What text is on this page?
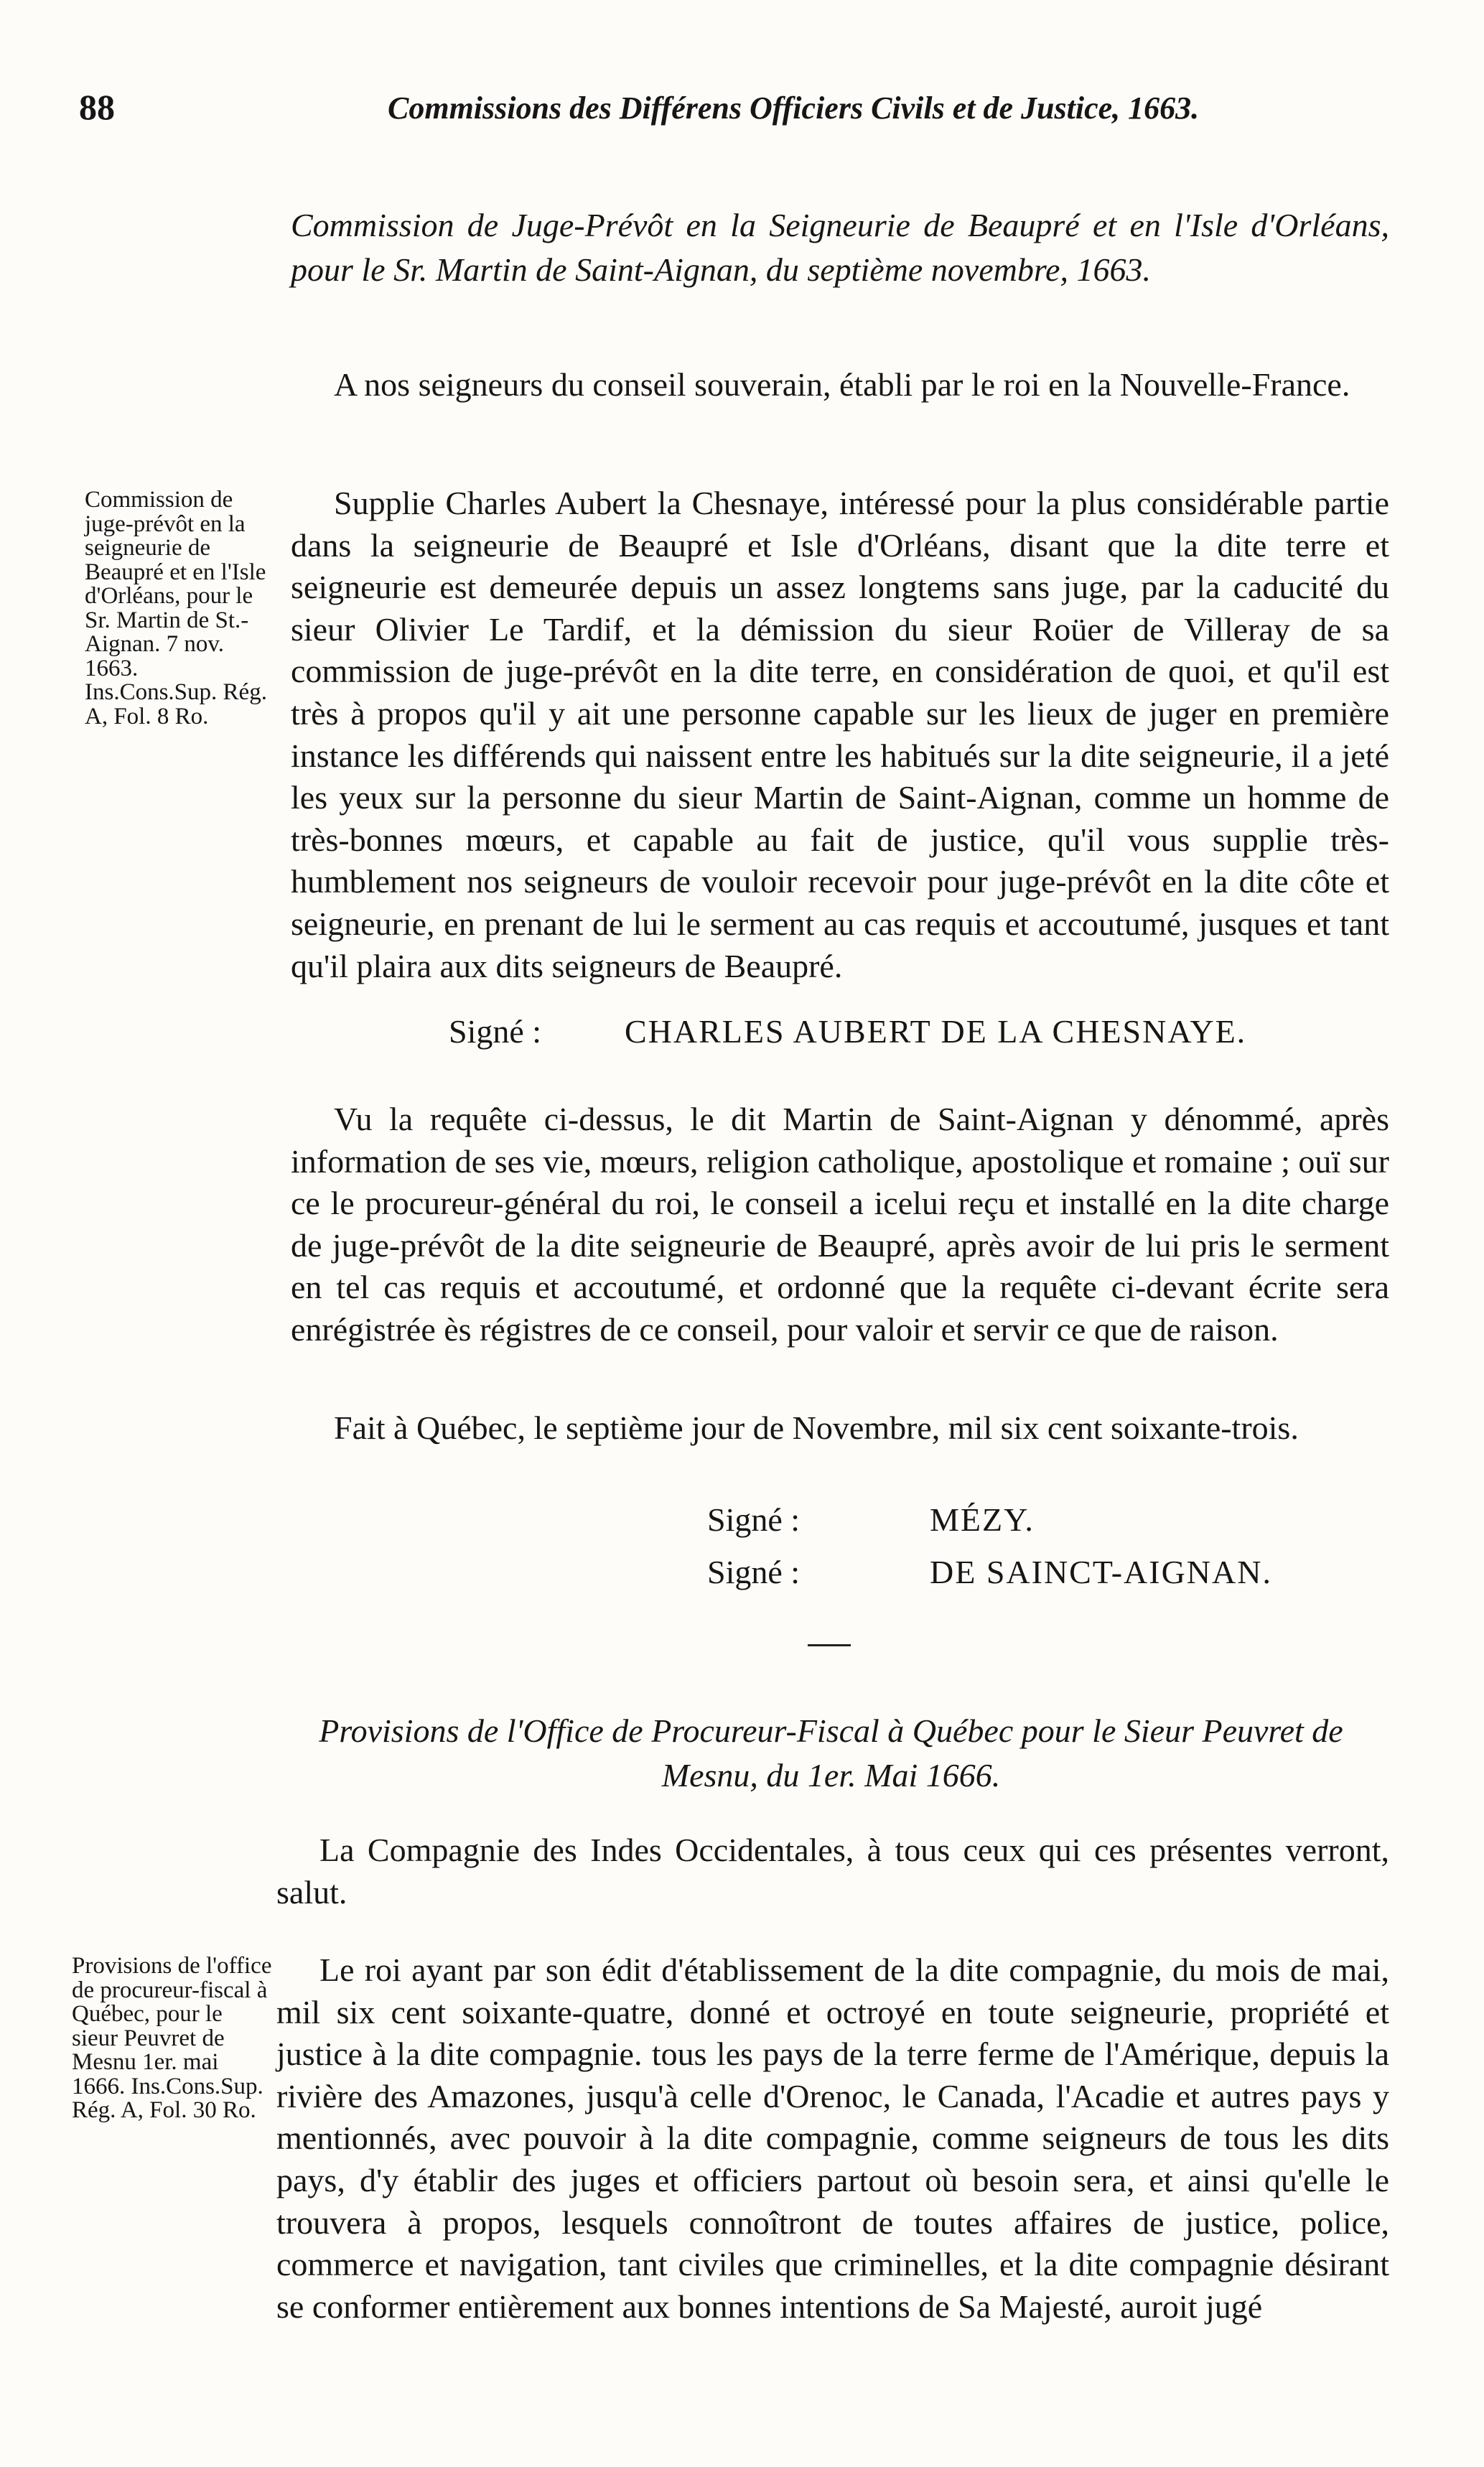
88	Commissions des Différens Officiers Civils et de Justice, 1663.
Commission de Juge-Prévôt en la Seigneurie de Beaupré et en l'Isle d'Orléans, pour le Sr. Martin de Saint-Aignan, du septième novembre, 1663.

A nos seigneurs du conseil souverain, établi par le roi en la Nouvelle-France.

Commission de juge-prévôt en la seigneurie de Beaupré et en l'Isle d'Orléans, pour le Sr. Martin de St.-Aignan. 7 nov. 1663. Ins.Cons.Sup. Rég. A, Fol. 8 Ro.

Supplie Charles Aubert la Chesnaye, intéressé pour la plus considérable partie dans la seigneurie de Beaupré et Isle d'Orléans, disant que la dite terre et seigneurie est demeurée depuis un assez longtems sans juge, par la caducité du sieur Olivier Le Tardif, et la démission du sieur Roüer de Villeray de sa commission de juge-prévôt en la dite terre, en considération de quoi, et qu'il est très à propos qu'il y ait une personne capable sur les lieux de juger en première instance les différends qui naissent entre les habitués sur la dite seigneurie, il a jeté les yeux sur la personne du sieur Martin de Saint-Aignan, comme un homme de très-bonnes mœurs, et capable au fait de justice, qu'il vous supplie très-humblement nos seigneurs de vouloir recevoir pour juge-prévôt en la dite côte et seigneurie, en prenant de lui le serment au cas requis et accoutumé, jusques et tant qu'il plaira aux dits seigneurs de Beaupré.

Signé :	CHARLES AUBERT DE LA CHESNAYE.

Vu la requête ci-dessus, le dit Martin de Saint-Aignan y dénommé, après information de ses vie, mœurs, religion catholique, apostolique et romaine ; ouï sur ce le procureur-général du roi, le conseil a icelui reçu et installé en la dite charge de juge-prévôt de la dite seigneurie de Beaupré, après avoir de lui pris le serment en tel cas requis et accoutumé, et ordonné que la requête ci-devant écrite sera enrégistrée ès régistres de ce conseil, pour valoir et servir ce que de raison.

Fait à Québec, le septième jour de Novembre, mil six cent soixante-trois.

Signé :	MÉZY.
Signé :	DE SAINCT-AIGNAN.
Provisions de l'Office de Procureur-Fiscal à Québec pour le Sieur Peuvret de Mesnu, du 1er. Mai 1666.

La Compagnie des Indes Occidentales, à tous ceux qui ces présentes verront, salut.

Provisions de l'office de procureur-fiscal à Québec, pour le sieur Peuvret de Mesnu 1er. mai 1666. Ins.Cons.Sup. Rég. A, Fol. 30 Ro.

Le roi ayant par son édit d'établissement de la dite compagnie, du mois de mai, mil six cent soixante-quatre, donné et octroyé en toute seigneurie, propriété et justice à la dite compagnie. tous les pays de la terre ferme de l'Amérique, depuis la rivière des Amazones, jusqu'à celle d'Orenoc, le Canada, l'Acadie et autres pays y mentionnés, avec pouvoir à la dite compagnie, comme seigneurs de tous les dits pays, d'y établir des juges et officiers partout où besoin sera, et ainsi qu'elle le trouvera à propos, lesquels connoîtront de toutes affaires de justice, police, commerce et navigation, tant civiles que criminelles, et la dite compagnie désirant se conformer entièrement aux bonnes intentions de Sa Majesté, auroit jugé
